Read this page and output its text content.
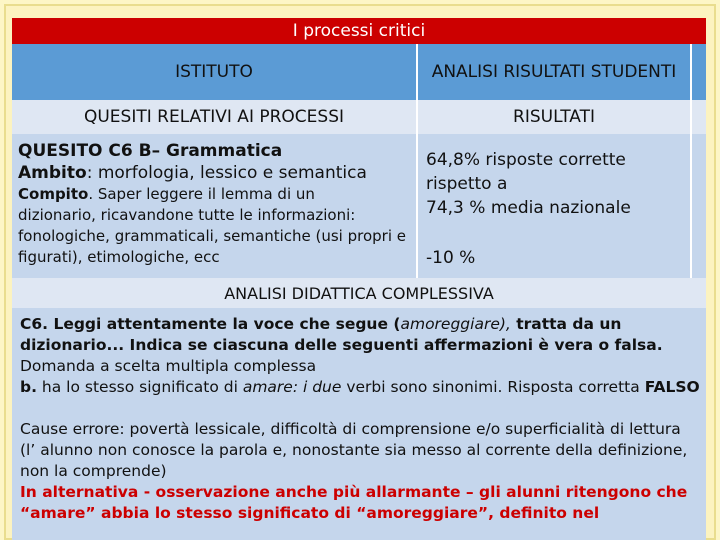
I processi critici
ISTITUTO	ANALISI RISULTATI STUDENTI
QUESITI RELATIVI AI PROCESSI	RISULTATI
QUESITO C6 B– Grammatica
Ambito: morfologia, lessico e semantica
Compito. Saper leggere il lemma di un
dizionario, ricavandone tutte le informazioni: fonologiche, grammaticali, semantiche (usi propri e figurati), etimologiche, ecc
64,8% risposte corrette
rispetto a
74,3 % media nazionale
-10 %
ANALISI DIDATTICA COMPLESSIVA

C6. Leggi attentamente la voce che segue (amoreggiare), tratta da un dizionario... Indica se ciascuna delle seguenti affermazioni è vera o falsa.

Domanda a scelta multipla complessa

b. ha lo stesso significato di amare: i due verbi sono sinonimi. Risposta corretta FALSO

Cause errore: povertà lessicale, difficoltà di comprensione e/o superficialità di lettura (l’ alunno non conosce la parola e, nonostante sia messo al corrente della definizione, non la comprende)

In alternativa - osservazione anche più allarmante – gli alunni ritengono che “amare” abbia lo stesso significato di “amoreggiare”, definito nel
